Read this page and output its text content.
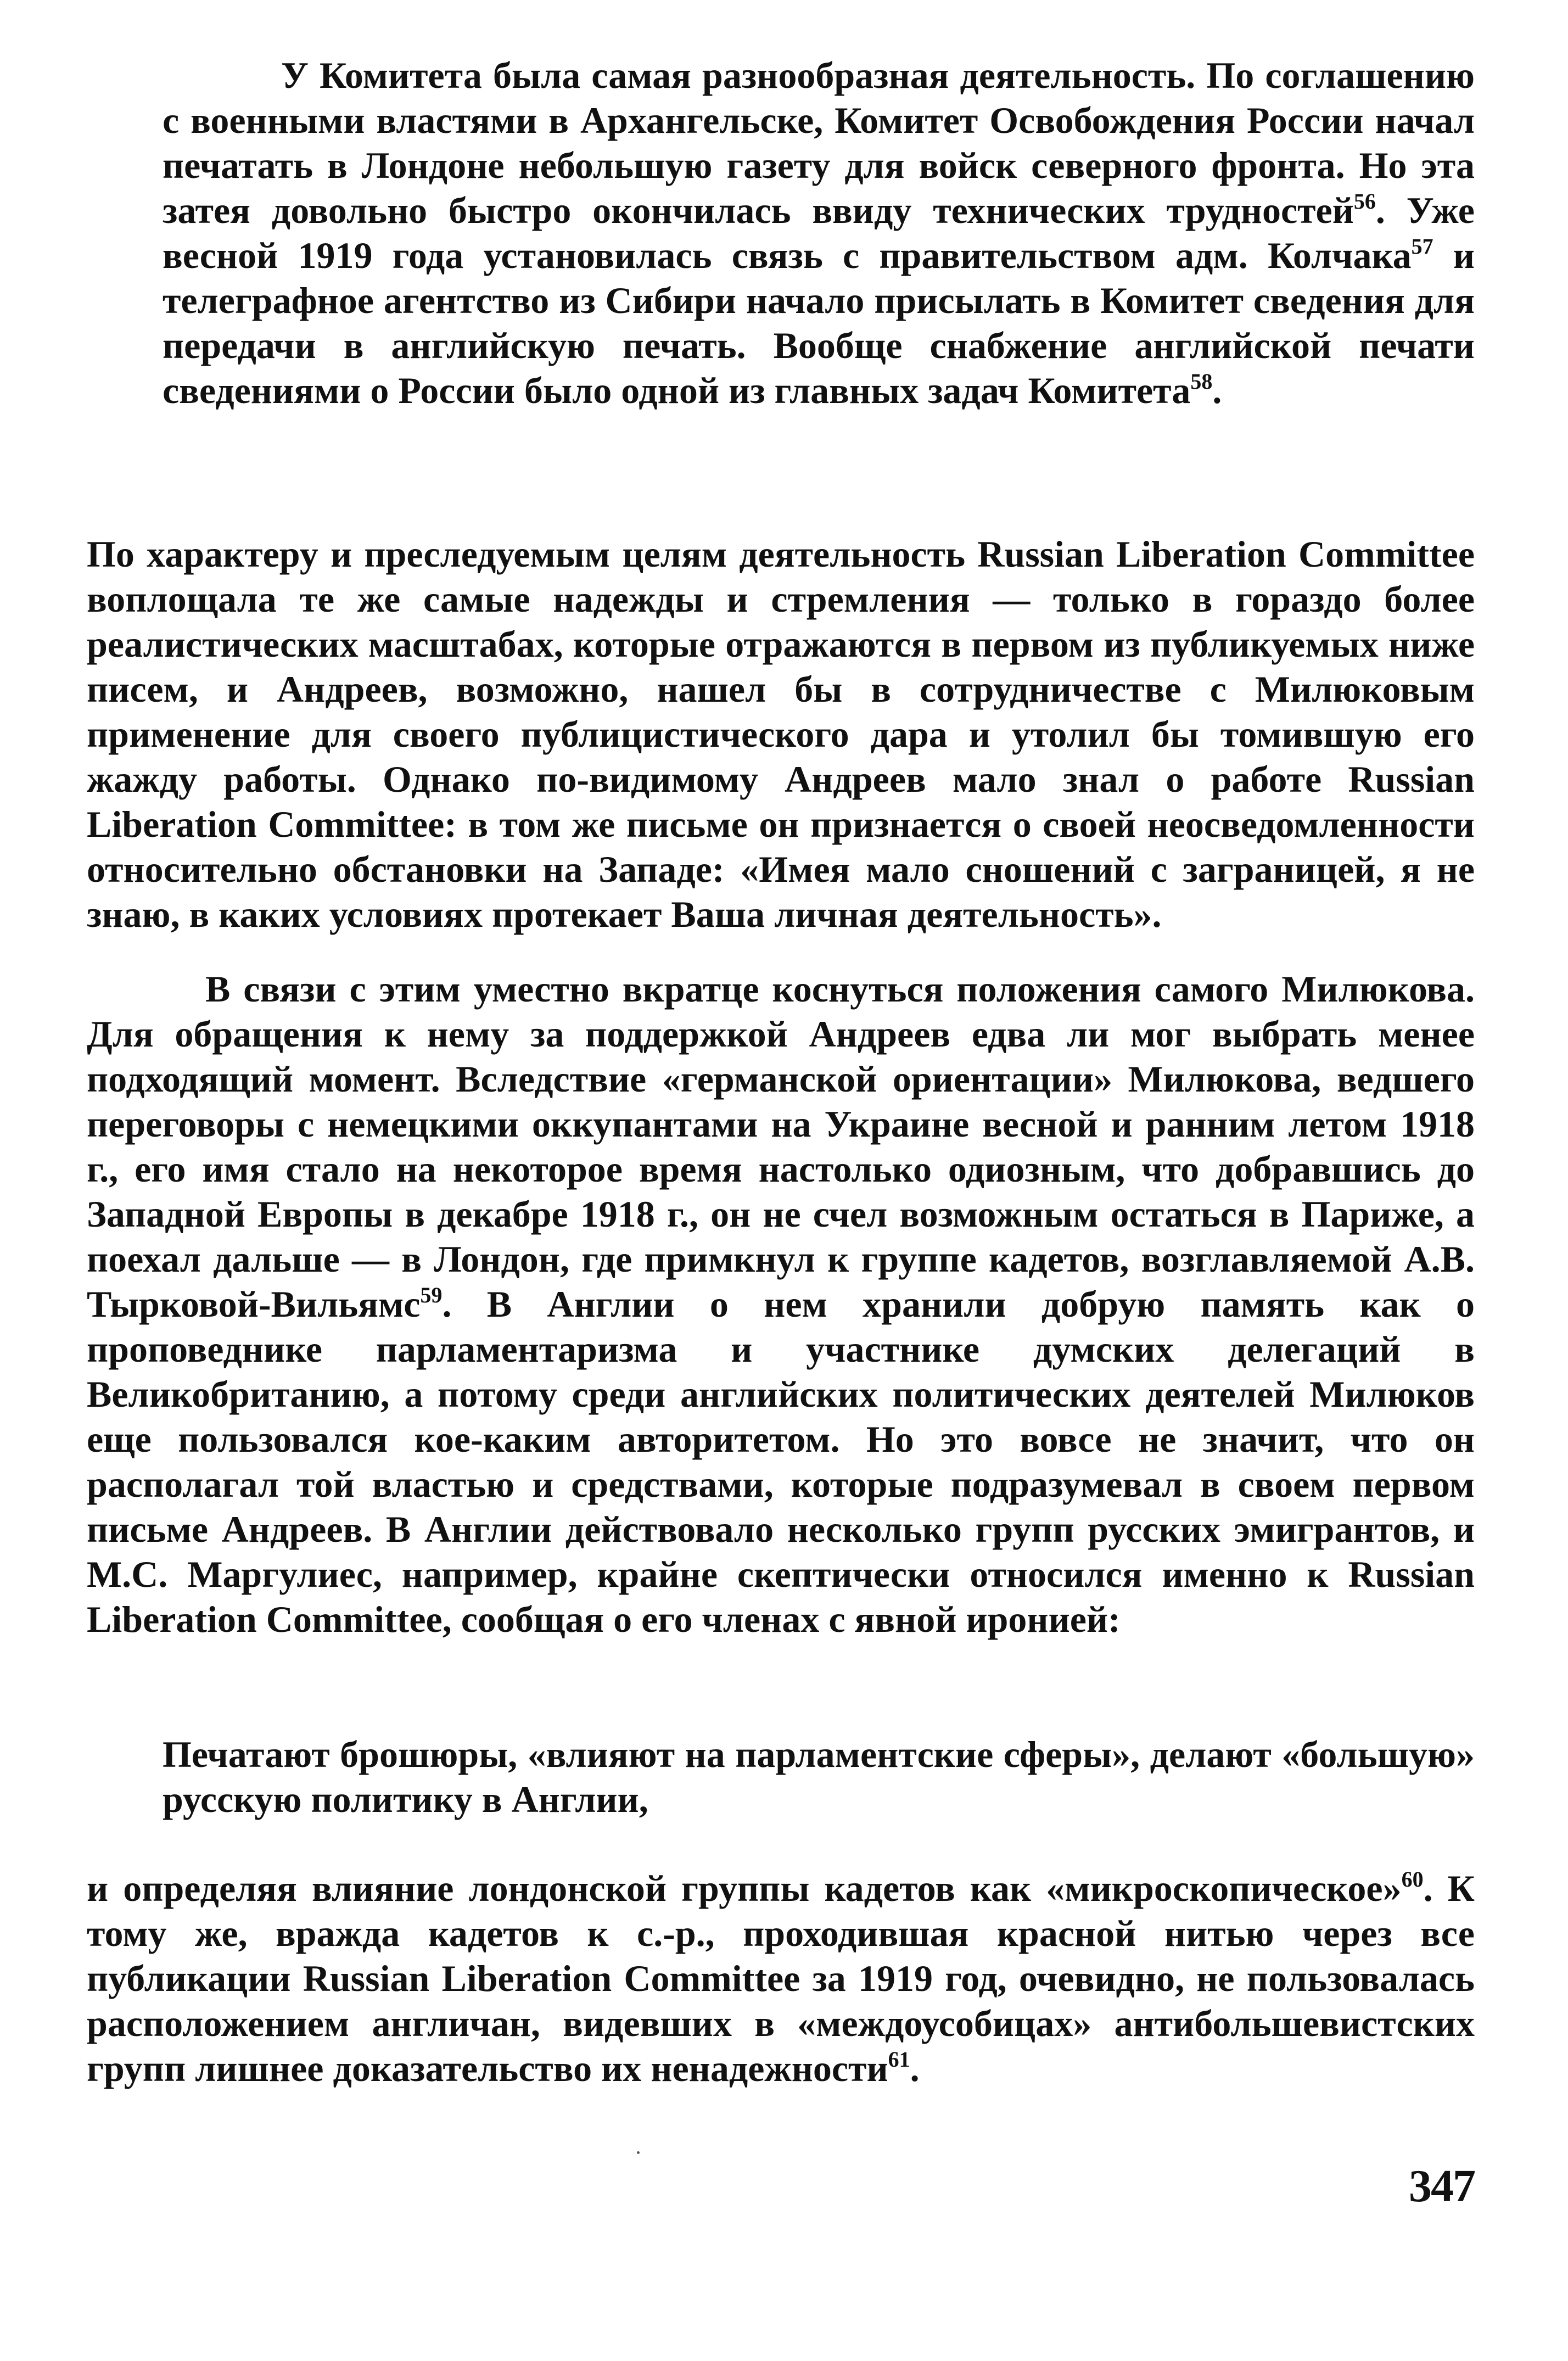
У Комитета была самая разнообразная деятельность. По соглашению с военными властями в Архангельске, Комитет Освобождения России начал печатать в Лондоне небольшую газету для войск северного фронта. Но эта затея довольно быстро окончилась ввиду технических трудностей$^{56}$. Уже весной 1919 года установилась связь с правительством адм. Колчака$^{57}$ и телеграфное агентство из Сибири начало присылать в Комитет сведения для передачи в английскую печать. Вообще снабжение английской печати сведениями о России было одной из главных задач Комитета$^{58}$.

По характеру и преследуемым целям деятельность Russian Liberation Committee воплощала те же самые надежды и стремления — только в гораздо более реалистических масштабах, которые отражаются в первом из публикуемых ниже писем, и Андреев, возможно, нашел бы в сотрудничестве с Милюковым применение для своего публицистического дара и утолил бы томившую его жажду работы. Однако по-видимому Андреев мало знал о работе Russian Liberation Committee: в том же письме он признается о своей неосведомленности относительно обстановки на Западе: «Имея мало сношений с заграницей, я не знаю, в каких условиях протекает Ваша личная деятельность».

В связи с этим уместно вкратце коснуться положения самого Милюкова. Для обращения к нему за поддержкой Андреев едва ли мог выбрать менее подходящий момент. Вследствие «германской ориентации» Милюкова, ведшего переговоры с немецкими оккупантами на Украине весной и ранним летом 1918 г., его имя стало на некоторое время настолько одиозным, что добравшись до Западной Европы в декабре 1918 г., он не счел возможным остаться в Париже, а поехал дальше — в Лондон, где примкнул к группе кадетов, возглавляемой А.В. Тырковой-Вильямс$^{59}$. В Англии о нем хранили добрую память как о проповеднике парламентаризма и участнике думских делегаций в Великобританию, а потому среди английских политических деятелей Милюков еще пользовался кое-каким авторитетом. Но это вовсе не значит, что он располагал той властью и средствами, которые подразумевал в своем первом письме Андреев. В Англии действовало несколько групп русских эмигрантов, и М.С. Маргулиес, например, крайне скептически относился именно к Russian Liberation Committee, сообщая о его членах с явной иронией:

Печатают брошюры, «влияют на парламентские сферы», делают «большую» русскую политику в Англии,

и определяя влияние лондонской группы кадетов как «микроскопическое»$^{60}$. К тому же, вражда кадетов к с.-р., проходившая красной нитью через все публикации Russian Liberation Committee за 1919 год, очевидно, не пользовалась расположением англичан, видевших в «междоусобицах» антибольшевистских групп лишнее доказательство их ненадежности$^{61}$.

347
